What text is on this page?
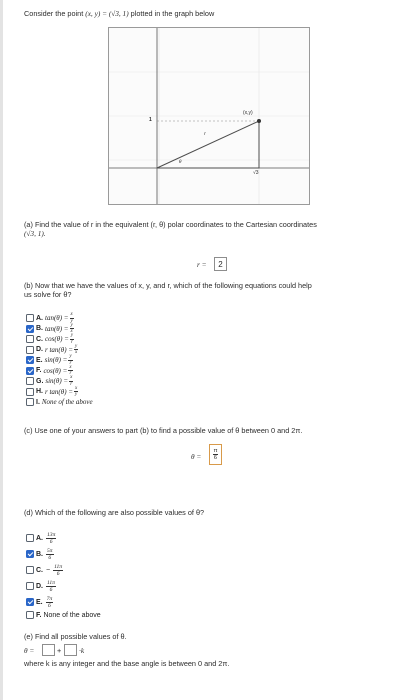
Consider the point (x, y) = (√3, 1) plotted in the graph below
(x,y)
1
√3
r
θ
(a) Find the value of r in the equivalent (r, θ) polar coordinates to the Cartesian coordinates
(√3, 1).
r = 2
(b) Now that we have the values of x, y, and r, which of the following equations could help
us solve for θ?
A. $\tan(\theta) = \frac{x}{y}$
B. $\tan(\theta) = \frac{y}{x}$
C. $\cos(\theta) = \frac{y}{r}$
D. r $\tan(\theta) = \frac{y}{x}$
E. $\sin(\theta) = \frac{y}{r}$
F. $\cos(\theta) = \frac{x}{r}$
G. $\sin(\theta) = \frac{x}{r}$
H. r $\tan(\theta) = \frac{x}{y}$
I. None of the above
(c) Use one of your answers to part (b) to find a possible value of θ between 0 and 2π.
$\theta = \frac{\pi}{6}$
(d) Which of the following are also possible values of θ?
A. $\frac{13\pi}{6}$
B. $\frac{5\pi}{6}$
C. − $\frac{11\pi}{6}$
D. $\frac{11\pi}{6}$
E. $\frac{7\pi}{6}$
F. None of the above
(e) Find all possible values of θ.
θ =	+ ·k
where k is any integer and the base angle is between 0 and 2π.
